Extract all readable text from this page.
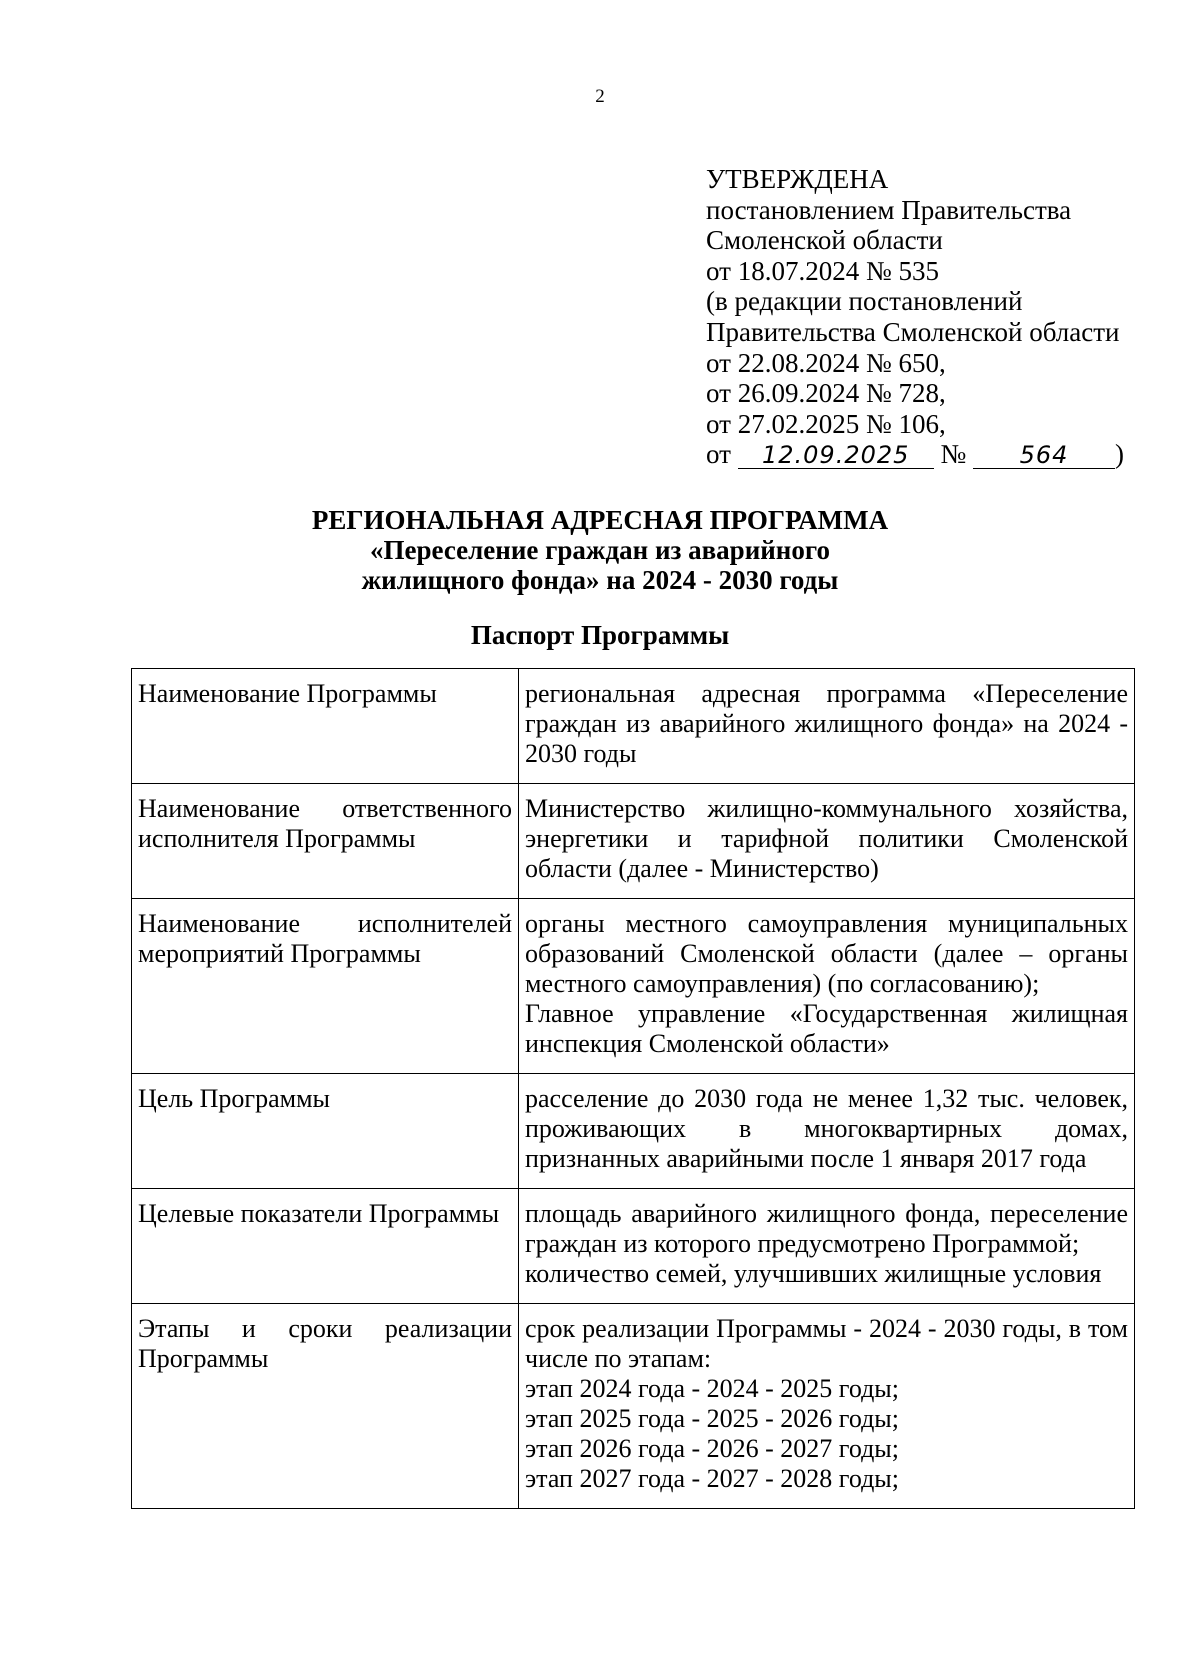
2
УТВЕРЖДЕНА
постановлением Правительства
Смоленской области
от 18.07.2024 № 535
(в редакции постановлений
Правительства Смоленской области
от 22.08.2024 № 650,
от 26.09.2024 № 728,
от 27.02.2025 № 106,
от 12.09.2025 № 564 )
РЕГИОНАЛЬНАЯ АДРЕСНАЯ ПРОГРАММА
«Переселение граждан из аварийного
жилищного фонда» на 2024 - 2030 годы
Паспорт Программы
Наименование Программы	региональная адресная программа «Переселение граждан из аварийного жилищного фонда» на 2024 - 2030 годы

Наименование ответственного исполнителя Программы	Министерство жилищно-коммунального хозяйства, энергетики и тарифной политики Смоленской области (далее - Министерство)

Наименование исполнителей мероприятий Программы	органы местного самоуправления муниципальных образований Смоленской области (далее – органы местного самоуправления) (по согласованию);
Главное управление «Государственная жилищная инспекция Смоленской области»

Цель Программы	расселение до 2030 года не менее 1,32 тыс. человек, проживающих в многоквартирных домах, признанных аварийными после 1 января 2017 года

Целевые показатели Программы	площадь аварийного жилищного фонда, переселение граждан из которого предусмотрено Программой;
количество семей, улучшивших жилищные условия

Этапы и сроки реализации Программы	срок реализации Программы - 2024 - 2030 годы, в том числе по этапам:
этап 2024 года - 2024 - 2025 годы;
этап 2025 года - 2025 - 2026 годы;
этап 2026 года - 2026 - 2027 годы;
этап 2027 года - 2027 - 2028 годы;
